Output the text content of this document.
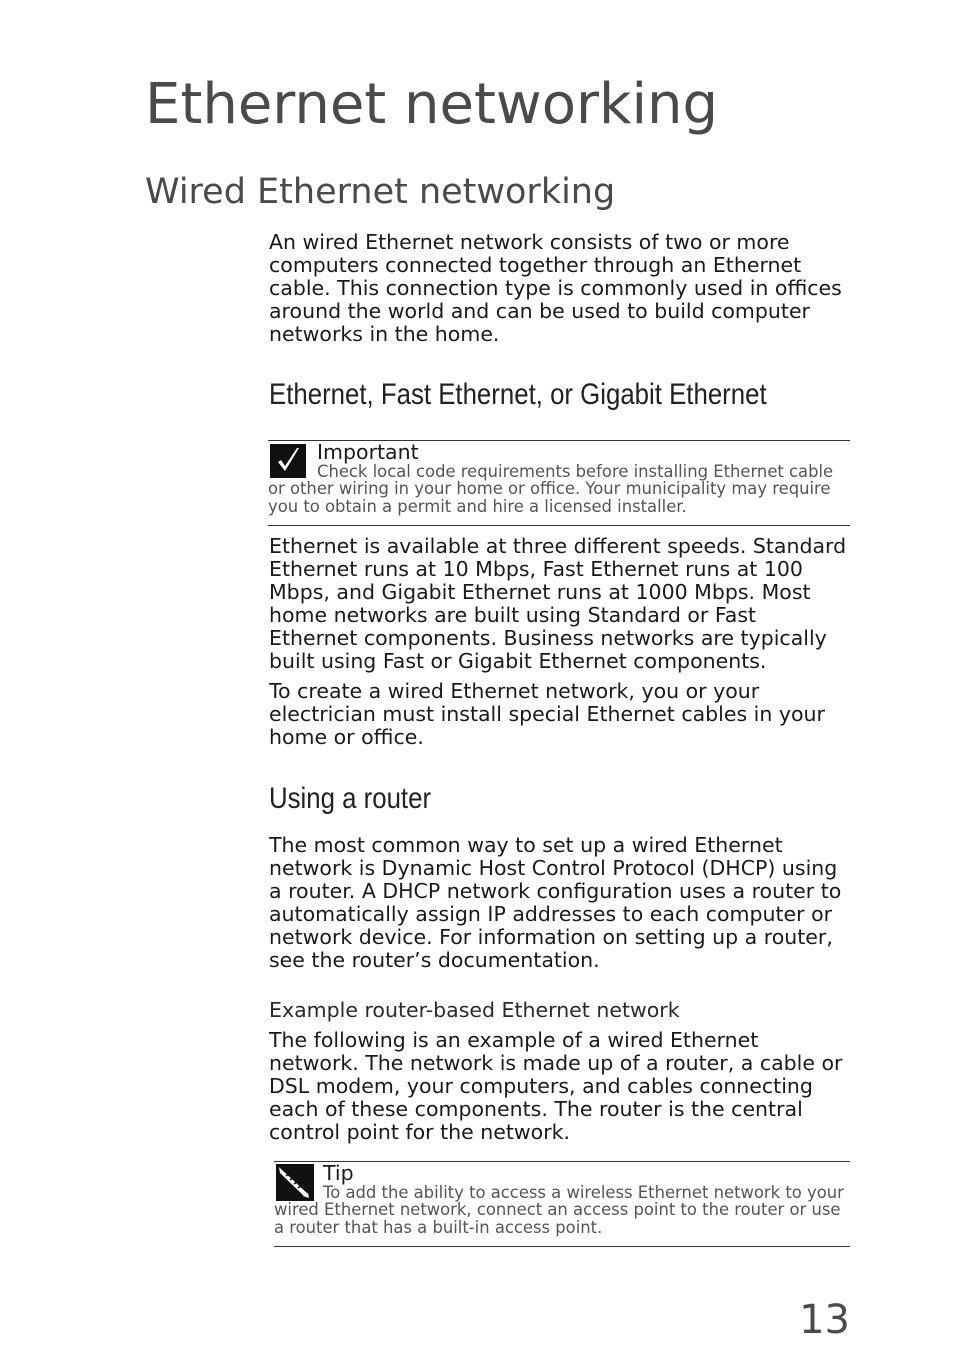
Ethernet networking
Wired Ethernet networking

An wired Ethernet network consists of two or more computers connected together through an Ethernet cable. This connection type is commonly used in offices around the world and can be used to build computer networks in the home.

Ethernet, Fast Ethernet, or Gigabit Ethernet
Important
Check local code requirements before installing Ethernet cable or other wiring in your home or office. Your municipality may require you to obtain a permit and hire a licensed installer.

Ethernet is available at three different speeds. Standard Ethernet runs at 10 Mbps, Fast Ethernet runs at 100 Mbps, and Gigabit Ethernet runs at 1000 Mbps. Most home networks are built using Standard or Fast Ethernet components. Business networks are typically built using Fast or Gigabit Ethernet components.

To create a wired Ethernet network, you or your electrician must install special Ethernet cables in your home or office.

Using a router

The most common way to set up a wired Ethernet network is Dynamic Host Control Protocol (DHCP) using a router. A DHCP network configuration uses a router to automatically assign IP addresses to each computer or network device. For information on setting up a router, see the router’s documentation.

Example router-based Ethernet network

The following is an example of a wired Ethernet network. The network is made up of a router, a cable or DSL modem, your computers, and cables connecting each of these components. The router is the central control point for the network.

Tip
To add the ability to access a wireless Ethernet network to your wired Ethernet network, connect an access point to the router or use a router that has a built-in access point.
13
